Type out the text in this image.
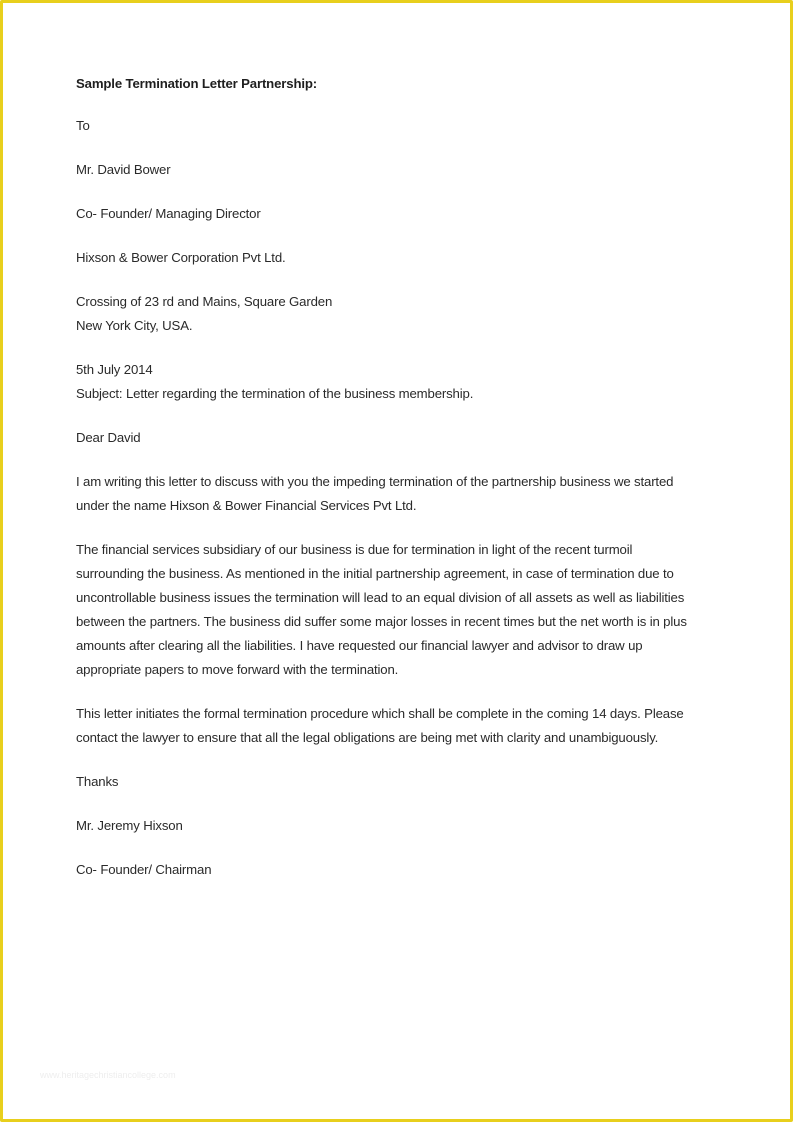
Sample Termination Letter Partnership:

To

Mr. David Bower

Co- Founder/ Managing Director

Hixson & Bower Corporation Pvt Ltd.

Crossing of 23 rd and Mains, Square Garden
New York City, USA.

5th July 2014
Subject: Letter regarding the termination of the business membership.

Dear David

I am writing this letter to discuss with you the impeding termination of the partnership business we started
under the name Hixson & Bower Financial Services Pvt Ltd.

The financial services subsidiary of our business is due for termination in light of the recent turmoil
surrounding the business. As mentioned in the initial partnership agreement, in case of termination due to
uncontrollable business issues the termination will lead to an equal division of all assets as well as liabilities
between the partners. The business did suffer some major losses in recent times but the net worth is in plus
amounts after clearing all the liabilities. I have requested our financial lawyer and advisor to draw up
appropriate papers to move forward with the termination.

This letter initiates the formal termination procedure which shall be complete in the coming 14 days. Please
contact the lawyer to ensure that all the legal obligations are being met with clarity and unambiguously.

Thanks

Mr. Jeremy Hixson

Co- Founder/ Chairman

www.heritagechristiancollege.com
